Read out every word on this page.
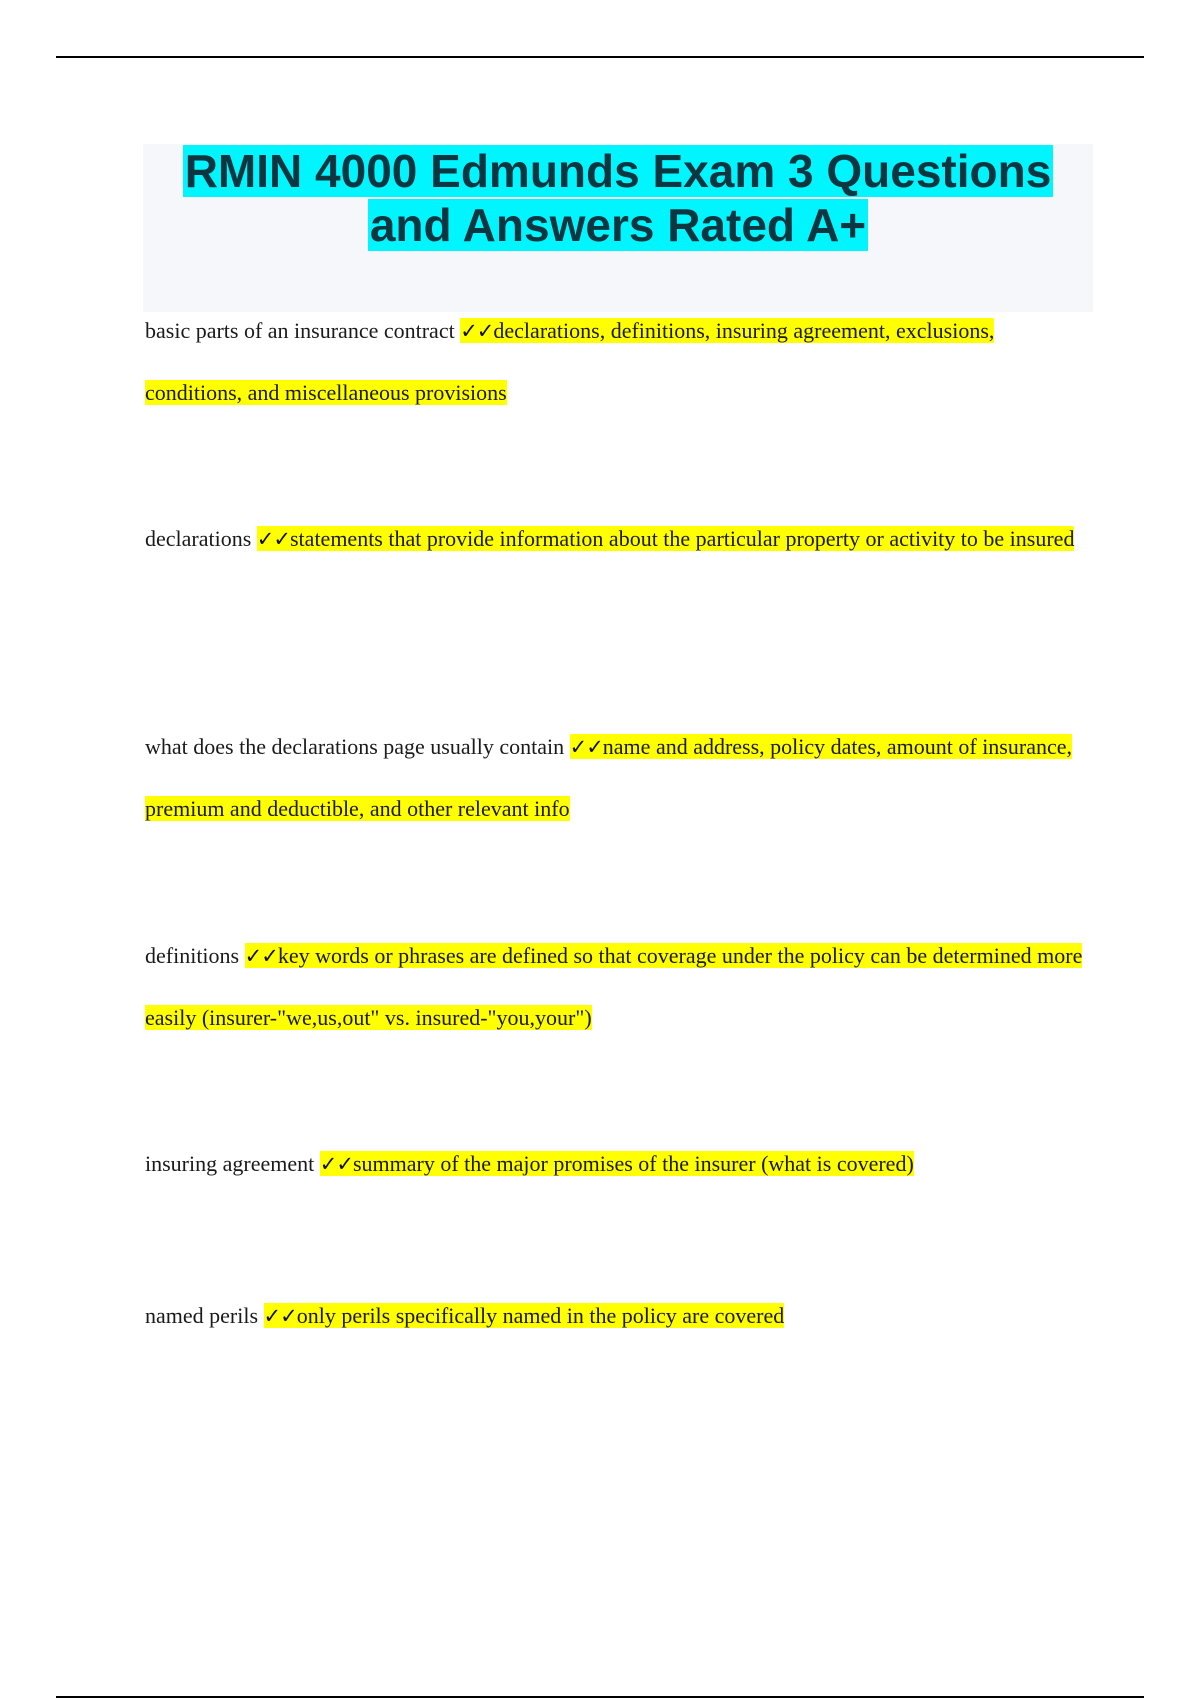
RMIN 4000 Edmunds Exam 3 Questions
and Answers Rated A+

basic parts of an insurance contract ✓✓declarations, definitions, insuring agreement, exclusions, conditions, and miscellaneous provisions

declarations ✓✓statements that provide information about the particular property or activity to be insured

what does the declarations page usually contain ✓✓name and address, policy dates, amount of insurance, premium and deductible, and other relevant info

definitions ✓✓key words or phrases are defined so that coverage under the policy can be determined more easily (insurer-"we,us,out" vs. insured-"you,your")

insuring agreement ✓✓summary of the major promises of the insurer (what is covered)

named perils ✓✓only perils specifically named in the policy are covered
